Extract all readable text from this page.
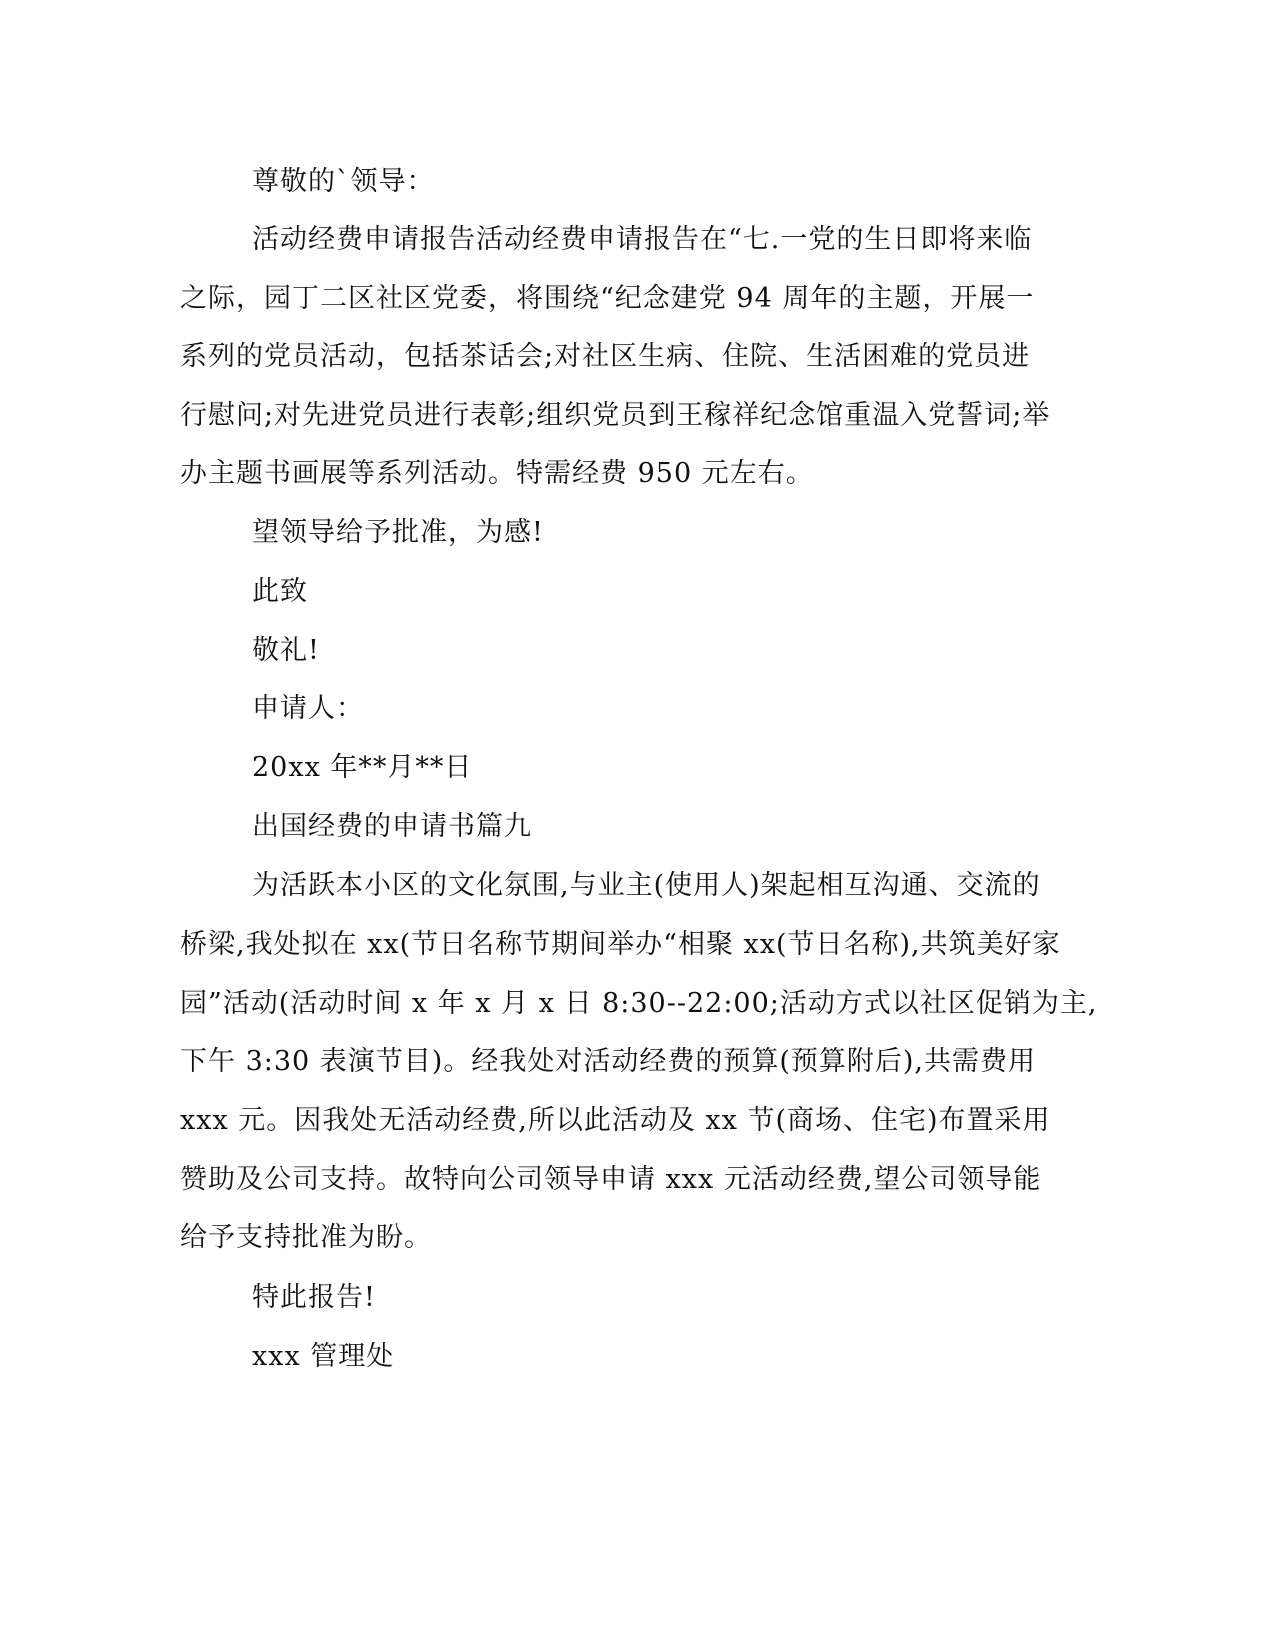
尊敬的`领导：

活动经费申请报告活动经费申请报告在“七.一党的生日即将来临

之际，园丁二区社区党委，将围绕“纪念建党 94 周年的主题，开展一

系列的党员活动，包括茶话会;对社区生病、住院、生活困难的党员进

行慰问;对先进党员进行表彰;组织党员到王稼祥纪念馆重温入党誓词;举

办主题书画展等系列活动。特需经费 950 元左右。

望领导给予批准，为感!

此致

敬礼!

申请人：

20xx 年**月**日

出国经费的申请书篇九

为活跃本小区的文化氛围,与业主(使用人)架起相互沟通、交流的

桥梁,我处拟在 xx(节日名称节期间举办“相聚 xx(节日名称),共筑美好家

园”活动(活动时间 x 年 x 月 x 日 8:30--22:00;活动方式以社区促销为主,

下午 3:30 表演节目)。经我处对活动经费的预算(预算附后),共需费用

xxx 元。因我处无活动经费,所以此活动及 xx 节(商场、住宅)布置采用

赞助及公司支持。故特向公司领导申请 xxx 元活动经费,望公司领导能

给予支持批准为盼。

特此报告!

xxx 管理处
